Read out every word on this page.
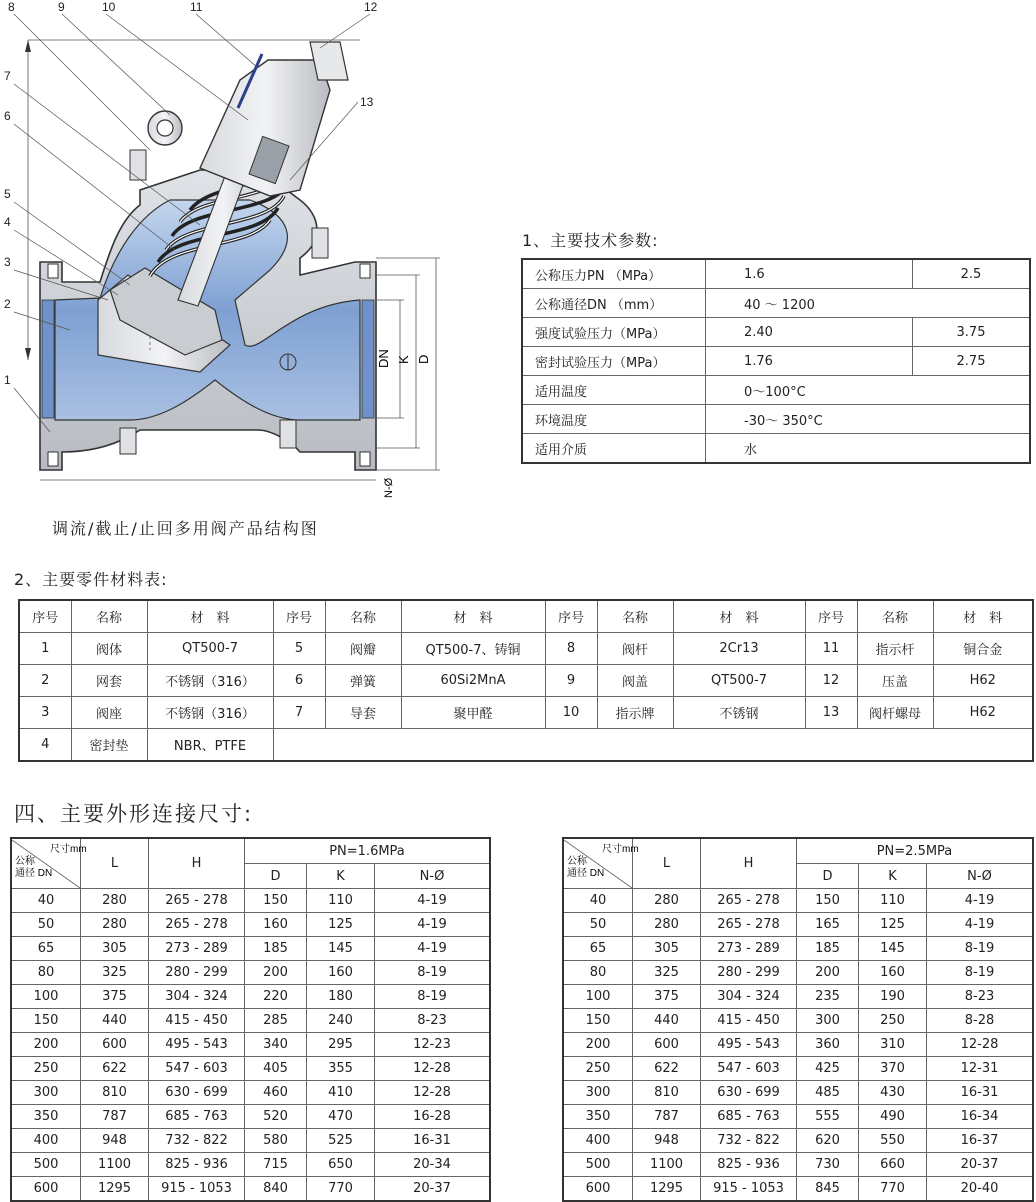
DN K D
N-Ø
8	9	10	11	12
13
7
6
5
4
3
2
1
调流/截止/止回多用阀产品结构图
1、主要技术参数:
公称压力PN （MPa）	1.6	2.5
公称通径DN （mm）	40 ～ 1200	
强度试验压力（MPa）	2.40	3.75
密封试验压力（MPa）	1.76	2.75
适用温度	0～100°C	
环境温度	-30～ 350°C	
适用介质	水	
2、主要零件材料表:
序号	名称	材　料	序号	名称	材　料	序号	名称	材　料	序号	名称	材　料
1	阀体	QT500-7	5	阀瓣	QT500-7、铸铜	8	阀杆	2Cr13	11	指示杆	铜合金
2	网套	不锈钢（316）	6	弹簧	60Si2MnA	9	阀盖	QT500-7	12	压盖	H62
3	阀座	不锈钢（316）	7	导套	聚甲醛	10	指示牌	不锈钢	13	阀杆螺母	H62
4	密封垫	NBR、PTFE									
四、主要外形连接尺寸:
尺寸mm
公称
通径 DN	L	H	PN=1.6MPa		
			D	K	N-Ø
40	280	265 - 278	150	110	4-19
50	280	265 - 278	160	125	4-19
65	305	273 - 289	185	145	4-19
80	325	280 - 299	200	160	8-19
100	375	304 - 324	220	180	8-19
150	440	415 - 450	285	240	8-23
200	600	495 - 543	340	295	12-23
250	622	547 - 603	405	355	12-28
300	810	630 - 699	460	410	12-28
350	787	685 - 763	520	470	16-28
400	948	732 - 822	580	525	16-31
500	1100	825 - 936	715	650	20-34
600	1295	915 - 1053	840	770	20-37
尺寸mm
公称
通径 DN	L	H	PN=2.5MPa		
			D	K	N-Ø
40	280	265 - 278	150	110	4-19
50	280	265 - 278	165	125	4-19
65	305	273 - 289	185	145	8-19
80	325	280 - 299	200	160	8-19
100	375	304 - 324	235	190	8-23
150	440	415 - 450	300	250	8-28
200	600	495 - 543	360	310	12-28
250	622	547 - 603	425	370	12-31
300	810	630 - 699	485	430	16-31
350	787	685 - 763	555	490	16-34
400	948	732 - 822	620	550	16-37
500	1100	825 - 936	730	660	20-37
600	1295	915 - 1053	845	770	20-40
